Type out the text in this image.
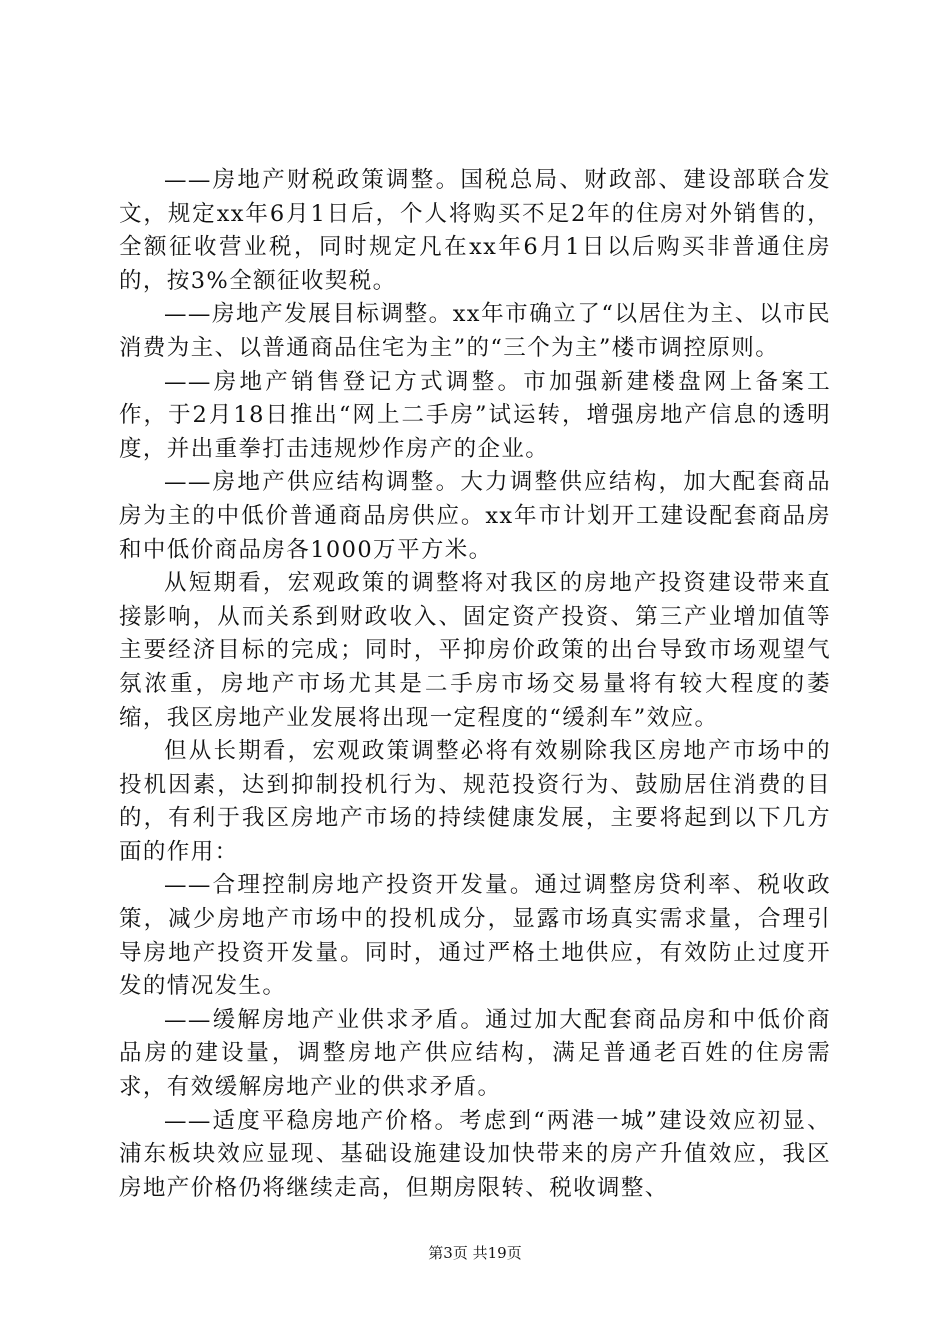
——房地产财税政策调整。国税总局、财政部、建设部联合发文，规定xx年6月1日后，个人将购买不足2年的住房对外销售的，全额征收营业税，同时规定凡在xx年6月1日以后购买非普通住房的，按3%全额征收契税。

——房地产发展目标调整。xx年市确立了“以居住为主、以市民消费为主、以普通商品住宅为主”的“三个为主”楼市调控原则。

——房地产销售登记方式调整。市加强新建楼盘网上备案工作，于2月18日推出“网上二手房”试运转，增强房地产信息的透明度，并出重拳打击违规炒作房产的企业。

——房地产供应结构调整。大力调整供应结构，加大配套商品房为主的中低价普通商品房供应。xx年市计划开工建设配套商品房和中低价商品房各1000万平方米。

从短期看，宏观政策的调整将对我区的房地产投资建设带来直接影响，从而关系到财政收入、固定资产投资、第三产业增加值等主要经济目标的完成；同时，平抑房价政策的出台导致市场观望气氛浓重，房地产市场尤其是二手房市场交易量将有较大程度的萎缩，我区房地产业发展将出现一定程度的“缓刹车”效应。

但从长期看，宏观政策调整必将有效剔除我区房地产市场中的投机因素，达到抑制投机行为、规范投资行为、鼓励居住消费的目的，有利于我区房地产市场的持续健康发展，主要将起到以下几方面的作用：

——合理控制房地产投资开发量。通过调整房贷利率、税收政策，减少房地产市场中的投机成分，显露市场真实需求量，合理引导房地产投资开发量。同时，通过严格土地供应，有效防止过度开发的情况发生。

——缓解房地产业供求矛盾。通过加大配套商品房和中低价商品房的建设量，调整房地产供应结构，满足普通老百姓的住房需求，有效缓解房地产业的供求矛盾。

——适度平稳房地产价格。考虑到“两港一城”建设效应初显、浦东板块效应显现、基础设施建设加快带来的房产升值效应，我区房地产价格仍将继续走高，但期房限转、税收调整、

第3页 共19页
